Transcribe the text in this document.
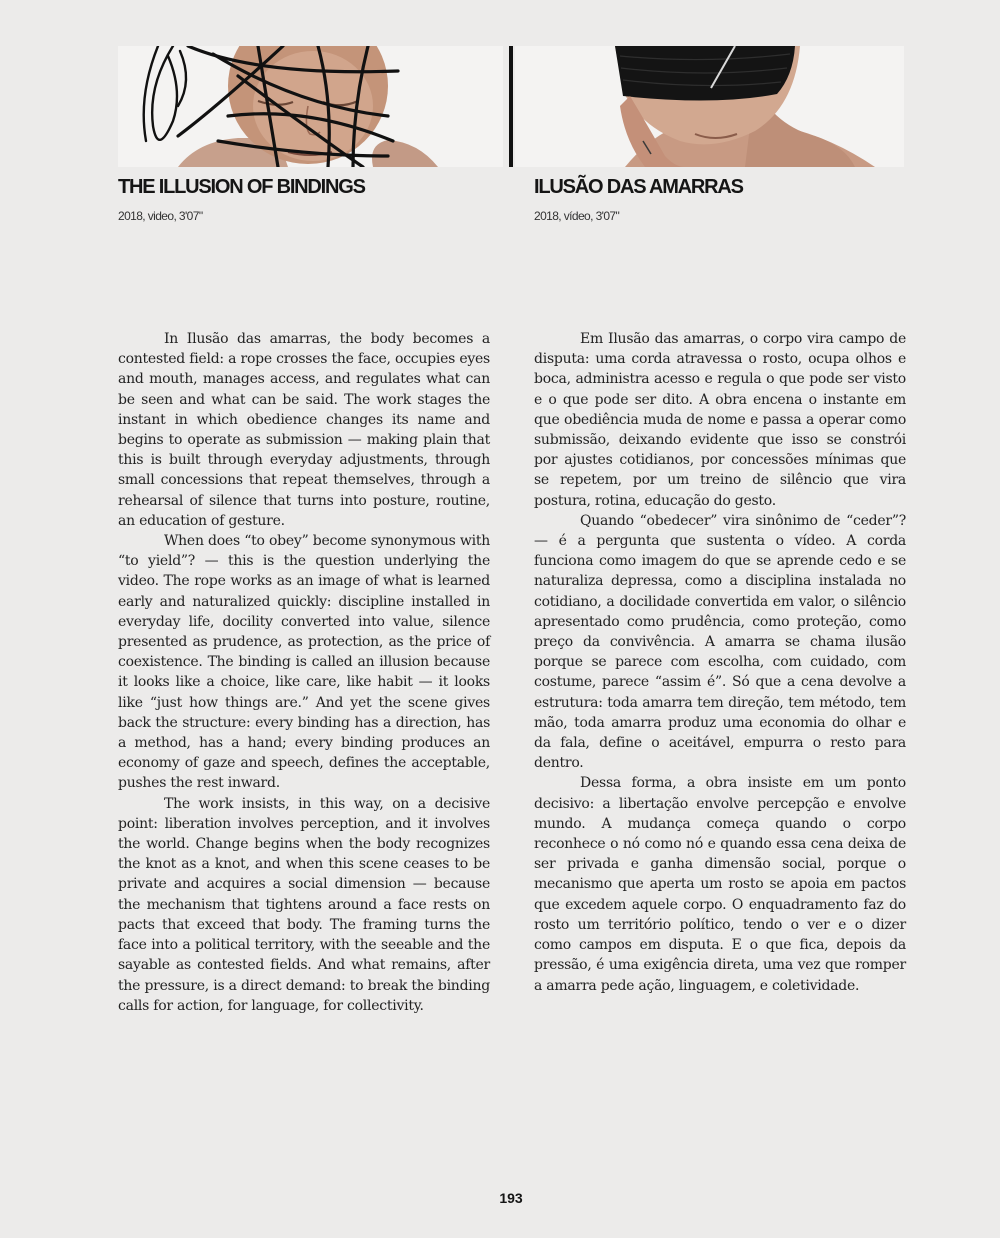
THE ILLUSION OF BINDINGS

2018, video, 3'07"

ILUSÃO DAS AMARRAS

2018, vídeo, 3'07"

In Ilusão das amarras, the body becomes a contested field: a rope crosses the face, occupies eyes and mouth, manages access, and regulates what can be seen and what can be said. The work stages the instant in which obedience changes its name and begins to operate as submission — making plain that this is built through everyday adjustments, through small concessions that repeat themselves, through a rehearsal of silence that turns into posture, routine, an education of gesture.

When does “to obey” become synonymous with “to yield”? — this is the question underlying the video. The rope works as an image of what is learned early and naturalized quickly: discipline installed in everyday life, docility converted into value, silence presented as prudence, as protection, as the price of coexistence. The binding is called an illusion because it looks like a choice, like care, like habit — it looks like “just how things are.” And yet the scene gives back the structure: every binding has a direction, has a method, has a hand; every binding produces an economy of gaze and speech, defines the acceptable, pushes the rest inward.

The work insists, in this way, on a decisive point: liberation involves perception, and it involves the world. Change begins when the body recognizes the knot as a knot, and when this scene ceases to be private and acquires a social dimension — because the mechanism that tightens around a face rests on pacts that exceed that body. The framing turns the face into a political territory, with the seeable and the sayable as contested fields. And what remains, after the pressure, is a direct demand: to break the binding calls for action, for language, for collectivity.

Em Ilusão das amarras, o corpo vira campo de disputa: uma corda atravessa o rosto, ocupa olhos e boca, administra acesso e regula o que pode ser visto e o que pode ser dito. A obra encena o instante em que obediência muda de nome e passa a operar como submissão, deixando evidente que isso se constrói por ajustes cotidianos, por concessões mínimas que se repetem, por um treino de silêncio que vira postura, rotina, educação do gesto.

Quando “obedecer” vira sinônimo de “ceder”? — é a pergunta que sustenta o vídeo. A corda funciona como imagem do que se aprende cedo e se naturaliza depressa, como a disciplina instalada no cotidiano, a docilidade convertida em valor, o silêncio apresentado como prudência, como proteção, como preço da convivência. A amarra se chama ilusão porque se parece com escolha, com cuidado, com costume, parece “assim é”. Só que a cena devolve a estrutura: toda amarra tem direção, tem método, tem mão, toda amarra produz uma economia do olhar e da fala, define o aceitável, empurra o resto para dentro.

Dessa forma, a obra insiste em um ponto decisivo: a libertação envolve percepção e envolve mundo. A mudança começa quando o corpo reconhece o nó como nó e quando essa cena deixa de ser privada e ganha dimensão social, porque o mecanismo que aperta um rosto se apoia em pactos que excedem aquele corpo. O enquadramento faz do rosto um território político, tendo o ver e o dizer como campos em disputa. E o que fica, depois da pressão, é uma exigência direta, uma vez que romper a amarra pede ação, linguagem, e coletividade.

193
